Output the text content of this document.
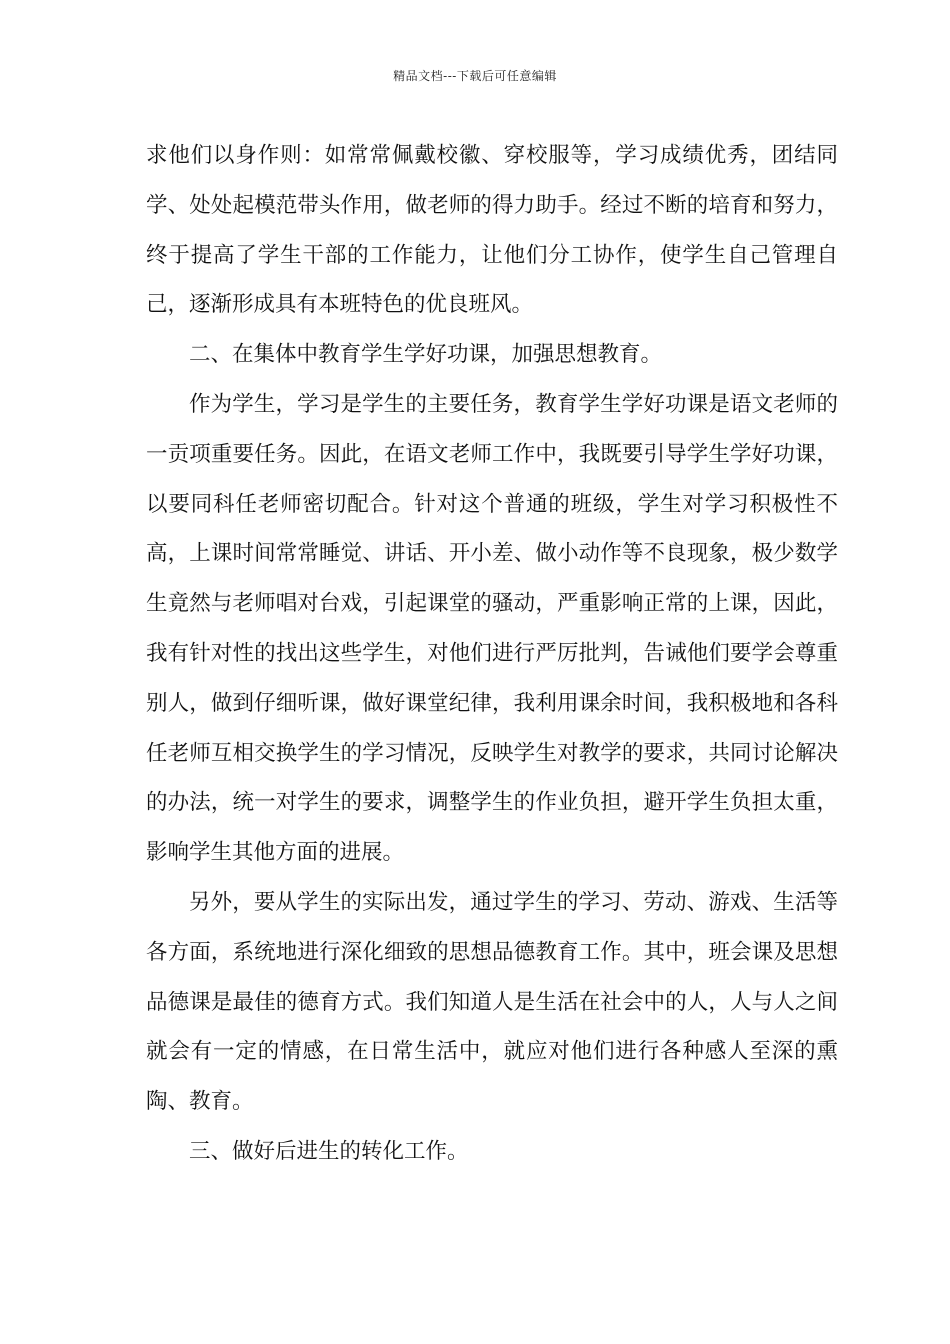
精品文档---下载后可任意编辑

求他们以身作则：如常常佩戴校徽、穿校服等，学习成绩优秀，团结同学、处处起模范带头作用，做老师的得力助手。经过不断的培育和努力，终于提高了学生干部的工作能力，让他们分工协作，使学生自己管理自己，逐渐形成具有本班特色的优良班风。

二、在集体中教育学生学好功课，加强思想教育。

作为学生，学习是学生的主要任务，教育学生学好功课是语文老师的一贡项重要任务。因此，在语文老师工作中，我既要引导学生学好功课，以要同科任老师密切配合。针对这个普通的班级，学生对学习积极性不高，上课时间常常睡觉、讲话、开小差、做小动作等不良现象，极少数学生竟然与老师唱对台戏，引起课堂的骚动，严重影响正常的上课，因此，我有针对性的找出这些学生，对他们进行严厉批判，告诫他们要学会尊重别人，做到仔细听课，做好课堂纪律，我利用课余时间，我积极地和各科任老师互相交换学生的学习情况，反映学生对教学的要求，共同讨论解决的办法，统一对学生的要求，调整学生的作业负担，避开学生负担太重，影响学生其他方面的进展。

另外，要从学生的实际出发，通过学生的学习、劳动、游戏、生活等各方面，系统地进行深化细致的思想品德教育工作。其中，班会课及思想品德课是最佳的德育方式。我们知道人是生活在社会中的人，人与人之间就会有一定的情感，在日常生活中，就应对他们进行各种感人至深的熏陶、教育。

三、做好后进生的转化工作。
